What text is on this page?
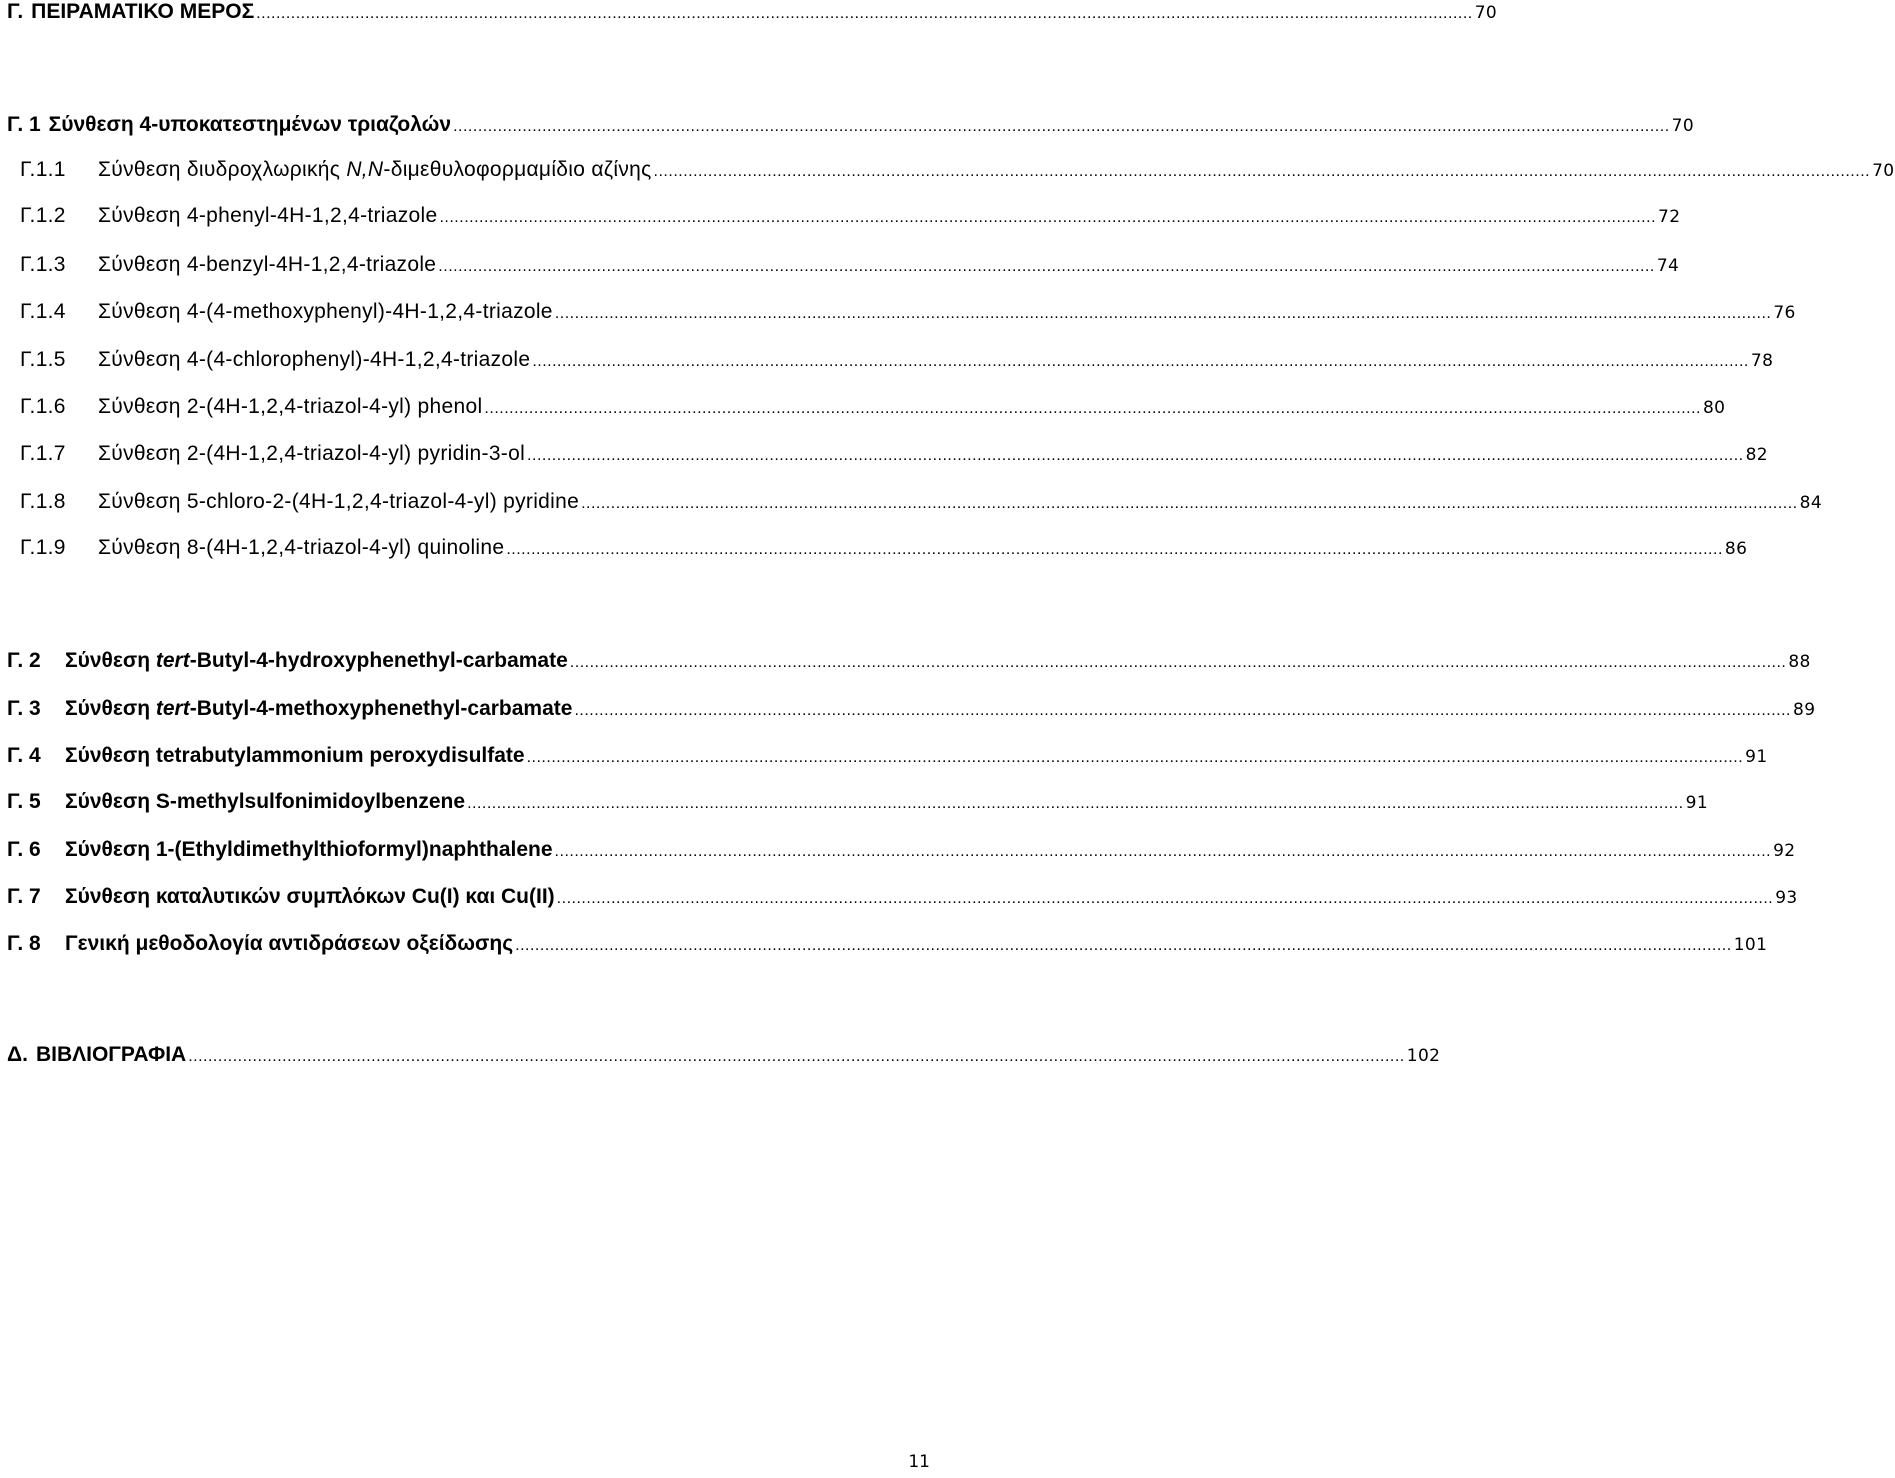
Γ. ΠΕΙΡΑΜΑΤΙΚΟ ΜΕΡΟΣ .....	70
Γ. 1 Σύνθεση 4-υποκατεστημένων τριαζολών .....	70
Γ.1.1	Σύνθεση διυδροχλωρικής N,N-διμεθυλοφορμαμίδιο αζίνης .....	70
Γ.1.2	Σύνθεση 4-phenyl-4H-1,2,4-triazole .....	72
Γ.1.3	Σύνθεση 4-benzyl-4H-1,2,4-triazole .....	74
Γ.1.4	Σύνθεση 4-(4-methoxyphenyl)-4H-1,2,4-triazole .....	76
Γ.1.5	Σύνθεση 4-(4-chlorophenyl)-4H-1,2,4-triazole .....	78
Γ.1.6	Σύνθεση 2-(4H-1,2,4-triazol-4-yl) phenol .....	80
Γ.1.7	Σύνθεση 2-(4H-1,2,4-triazol-4-yl) pyridin-3-ol .....	82
Γ.1.8	Σύνθεση 5-chloro-2-(4H-1,2,4-triazol-4-yl) pyridine .....	84
Γ.1.9	Σύνθεση 8-(4H-1,2,4-triazol-4-yl) quinoline .....	86
Γ. 2	Σύνθεση tert-Butyl-4-hydroxyphenethyl-carbamate .....	88
Γ. 3	Σύνθεση tert-Butyl-4-methoxyphenethyl-carbamate .....	89
Γ. 4	Σύνθεση tetrabutylammonium peroxydisulfate .....	91
Γ. 5	Σύνθεση S-methylsulfonimidoylbenzene .....	91
Γ. 6	Σύνθεση 1-(Ethyldimethylthioformyl)naphthalene .....	92
Γ. 7	Σύνθεση καταλυτικών συμπλόκων Cu(I) και Cu(II) .....	93
Γ. 8	Γενική μεθοδολογία αντιδράσεων οξείδωσης .....	101
Δ. ΒΙΒΛΙΟΓΡΑΦΙΑ .....	102
11
